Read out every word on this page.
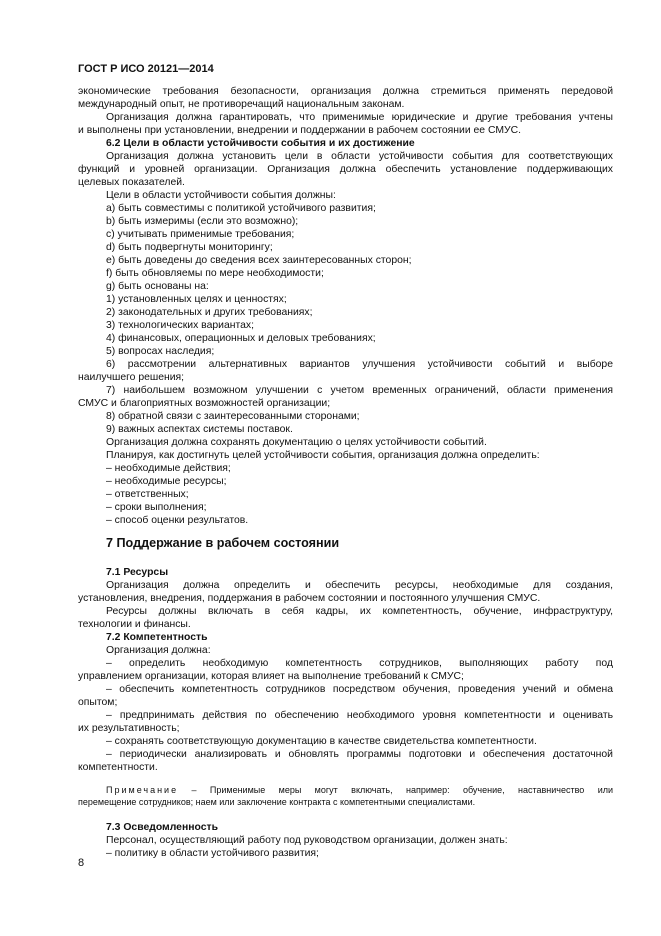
ГОСТ Р ИСО 20121—2014
экономические требования безопасности, организация должна стремиться применять передовой
международный опыт, не противоречащий национальным законам.
Организация должна гарантировать, что применимые юридические и другие требования учтены
и выполнены при установлении, внедрении и поддержании в рабочем состоянии ее СМУС.
6.2 Цели в области устойчивости события и их достижение
Организация должна установить цели в области устойчивости события для соответствующих
функций и уровней организации. Организация должна обеспечить установление поддерживающих
целевых показателей.
Цели в области устойчивости события должны:
a) быть совместимы с политикой устойчивого развития;
b) быть измеримы (если это возможно);
c) учитывать применимые требования;
d) быть подвергнуты мониторингу;
e) быть доведены до сведения всех заинтересованных сторон;
f) быть обновляемы по мере необходимости;
g) быть основаны на:
1) установленных целях и ценностях;
2) законодательных и других требованиях;
3) технологических вариантах;
4) финансовых, операционных и деловых требованиях;
5) вопросах наследия;
6) рассмотрении альтернативных вариантов улучшения устойчивости событий и выборе
наилучшего решения;
7) наибольшем возможном улучшении с учетом временных ограничений, области применения
СМУС и благоприятных возможностей организации;
8) обратной связи с заинтересованными сторонами;
9) важных аспектах системы поставок.
Организация должна сохранять документацию о целях устойчивости событий.
Планируя, как достигнуть целей устойчивости события, организация должна определить:
– необходимые действия;
– необходимые ресурсы;
– ответственных;
– сроки выполнения;
– способ оценки результатов.
7 Поддержание в рабочем состоянии
7.1 Ресурсы
Организация должна определить и обеспечить ресурсы, необходимые для создания,
установления, внедрения, поддержания в рабочем состоянии и постоянного улучшения СМУС.
Ресурсы должны включать в себя кадры, их компетентность, обучение, инфраструктуру,
технологии и финансы.
7.2 Компетентность
Организация должна:
– определить необходимую компетентность сотрудников, выполняющих работу под
управлением организации, которая влияет на выполнение требований к СМУС;
– обеспечить компетентность сотрудников посредством обучения, проведения учений и обмена
опытом;
– предпринимать действия по обеспечению необходимого уровня компетентности и оценивать
их результативность;
– сохранять соответствующую документацию в качестве свидетельства компетентности.
– периодически анализировать и обновлять программы подготовки и обеспечения достаточной
компетентности.
Примечание – Применимые меры могут включать, например: обучение, наставничество или
перемещение сотрудников; наем или заключение контракта с компетентными специалистами.
7.3 Осведомленность
Персонал, осуществляющий работу под руководством организации, должен знать:
– политику в области устойчивого развития;
8
